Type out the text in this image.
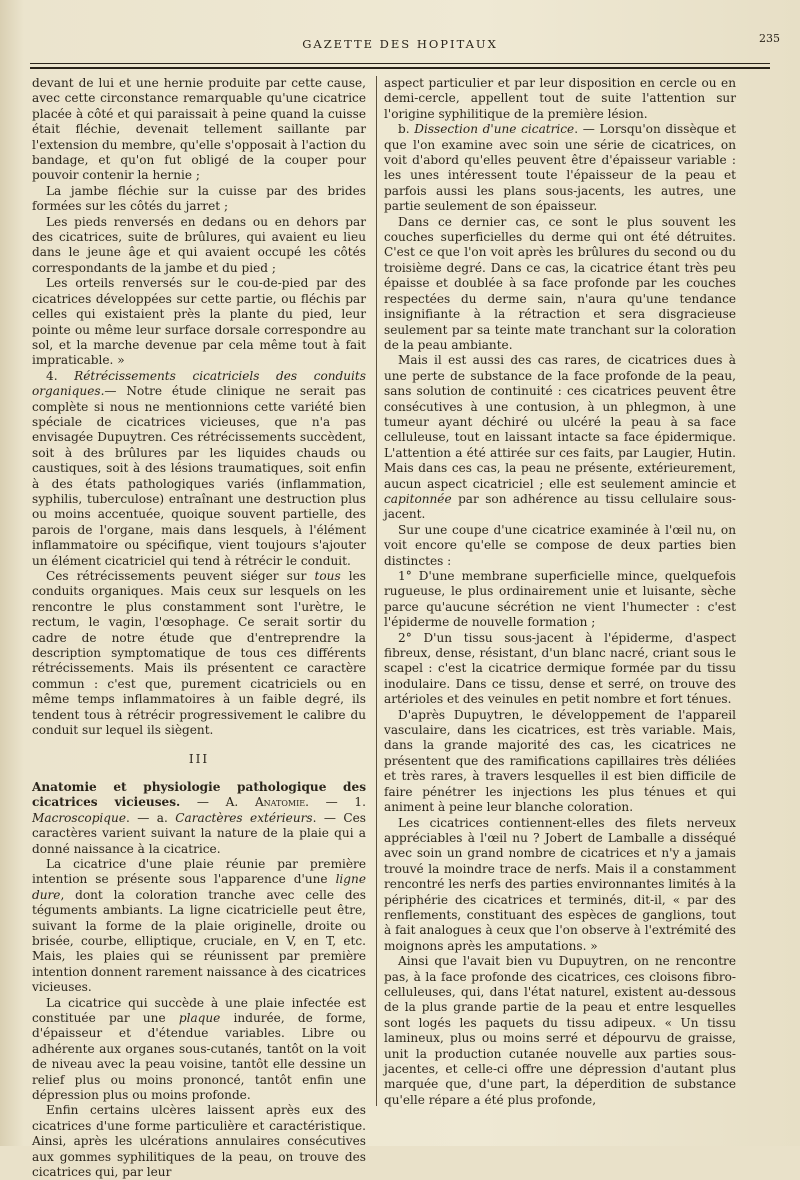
GAZETTE DES HOPITAUX	235

devant de lui et une hernie produite par cette cause, avec cette circonstance remarquable qu'une cicatrice placée à côté et qui paraissait à peine quand la cuisse était fléchie, devenait tellement saillante par l'extension du membre, qu'elle s'opposait à l'action du bandage, et qu'on fut obligé de la couper pour pouvoir contenir la hernie ;

La jambe fléchie sur la cuisse par des brides formées sur les côtés du jarret ;

Les pieds renversés en dedans ou en dehors par des cicatrices, suite de brûlures, qui avaient eu lieu dans le jeune âge et qui avaient occupé les côtés correspondants de la jambe et du pied ;

Les orteils renversés sur le cou-de-pied par des cicatrices développées sur cette partie, ou fléchis par celles qui existaient près la plante du pied, leur pointe ou même leur surface dorsale correspondre au sol, et la marche devenue par cela même tout à fait impraticable. »

4. Rétrécissements cicatriciels des conduits organiques.— Notre étude clinique ne serait pas complète si nous ne mentionnions cette variété bien spéciale de cicatrices vicieuses, que n'a pas envisagée Dupuytren. Ces rétrécissements succèdent, soit à des brûlures par les liquides chauds ou caustiques, soit à des lésions traumatiques, soit enfin à des états pathologiques variés (inflammation, syphilis, tuberculose) entraînant une destruction plus ou moins accentuée, quoique souvent partielle, des parois de l'organe, mais dans lesquels, à l'élément inflammatoire ou spécifique, vient toujours s'ajouter un élément cicatriciel qui tend à rétrécir le conduit.

Ces rétrécissements peuvent siéger sur tous les conduits organiques. Mais ceux sur lesquels on les rencontre le plus constamment sont l'urètre, le rectum, le vagin, l'œsophage. Ce serait sortir du cadre de notre étude que d'entreprendre la description symptomatique de tous ces différents rétrécissements. Mais ils présentent ce caractère commun : c'est que, purement cicatriciels ou en même temps inflammatoires à un faible degré, ils tendent tous à rétrécir progressivement le calibre du conduit sur lequel ils siègent.

III

Anatomie et physiologie pathologique des cicatrices vicieuses. — A. Anatomie. — 1. Macroscopique. — a. Caractères extérieurs. — Ces caractères varient suivant la nature de la plaie qui a donné naissance à la cicatrice.

La cicatrice d'une plaie réunie par première intention se présente sous l'apparence d'une ligne dure, dont la coloration tranche avec celle des téguments ambiants. La ligne cicatricielle peut être, suivant la forme de la plaie originelle, droite ou brisée, courbe, elliptique, cruciale, en V, en T, etc. Mais, les plaies qui se réunissent par première intention donnent rarement naissance à des cicatrices vicieuses.

La cicatrice qui succède à une plaie infectée est constituée par une plaque indurée, de forme, d'épaisseur et d'étendue variables. Libre ou adhérente aux organes sous-cutanés, tantôt on la voit de niveau avec la peau voisine, tantôt elle dessine un relief plus ou moins prononcé, tantôt enfin une dépression plus ou moins profonde.

Enfin certains ulcères laissent après eux des cicatrices d'une forme particulière et caractéristique. Ainsi, après les ulcérations annulaires consécutives aux gommes syphilitiques de la peau, on trouve des cicatrices qui, par leur

aspect particulier et par leur disposition en cercle ou en demi-cercle, appellent tout de suite l'attention sur l'origine syphilitique de la première lésion.

b. Dissection d'une cicatrice. — Lorsqu'on dissèque et que l'on examine avec soin une série de cicatrices, on voit d'abord qu'elles peuvent être d'épaisseur variable : les unes intéressent toute l'épaisseur de la peau et parfois aussi les plans sous-jacents, les autres, une partie seulement de son épaisseur.

Dans ce dernier cas, ce sont le plus souvent les couches superficielles du derme qui ont été détruites. C'est ce que l'on voit après les brûlures du second ou du troisième degré. Dans ce cas, la cicatrice étant très peu épaisse et doublée à sa face profonde par les couches respectées du derme sain, n'aura qu'une tendance insignifiante à la rétraction et sera disgracieuse seulement par sa teinte mate tranchant sur la coloration de la peau ambiante.

Mais il est aussi des cas rares, de cicatrices dues à une perte de substance de la face profonde de la peau, sans solution de continuité : ces cicatrices peuvent être consécutives à une contusion, à un phlegmon, à une tumeur ayant déchiré ou ulcéré la peau à sa face celluleuse, tout en laissant intacte sa face épidermique. L'attention a été attirée sur ces faits, par Laugier, Hutin. Mais dans ces cas, la peau ne présente, extérieurement, aucun aspect cicatriciel ; elle est seulement amincie et capitonnée par son adhérence au tissu cellulaire sous-jacent.

Sur une coupe d'une cicatrice examinée à l'œil nu, on voit encore qu'elle se compose de deux parties bien distinctes :

1° D'une membrane superficielle mince, quelquefois rugueuse, le plus ordinairement unie et luisante, sèche parce qu'aucune sécrétion ne vient l'humecter : c'est l'épiderme de nouvelle formation ;

2° D'un tissu sous-jacent à l'épiderme, d'aspect fibreux, dense, résistant, d'un blanc nacré, criant sous le scapel : c'est la cicatrice dermique formée par du tissu inodulaire. Dans ce tissu, dense et serré, on trouve des artérioles et des veinules en petit nombre et fort ténues.

D'après Dupuytren, le développement de l'appareil vasculaire, dans les cicatrices, est très variable. Mais, dans la grande majorité des cas, les cicatrices ne présentent que des ramifications capillaires très déliées et très rares, à travers lesquelles il est bien difficile de faire pénétrer les injections les plus ténues et qui animent à peine leur blanche coloration.

Les cicatrices contiennent-elles des filets nerveux appréciables à l'œil nu ? Jobert de Lamballe a disséqué avec soin un grand nombre de cicatrices et n'y a jamais trouvé la moindre trace de nerfs. Mais il a constamment rencontré les nerfs des parties environnantes limités à la périphérie des cicatrices et terminés, dit-il, « par des renflements, constituant des espèces de ganglions, tout à fait analogues à ceux que l'on observe à l'extrémité des moignons après les amputations. »

Ainsi que l'avait bien vu Dupuytren, on ne rencontre pas, à la face profonde des cicatrices, ces cloisons fibro-celluleuses, qui, dans l'état naturel, existent au-dessous de la plus grande partie de la peau et entre lesquelles sont logés les paquets du tissu adipeux. « Un tissu lamineux, plus ou moins serré et dépourvu de graisse, unit la production cutanée nouvelle aux parties sous-jacentes, et celle-ci offre une dépression d'autant plus marquée que, d'une part, la déperdition de substance qu'elle répare a été plus profonde,
